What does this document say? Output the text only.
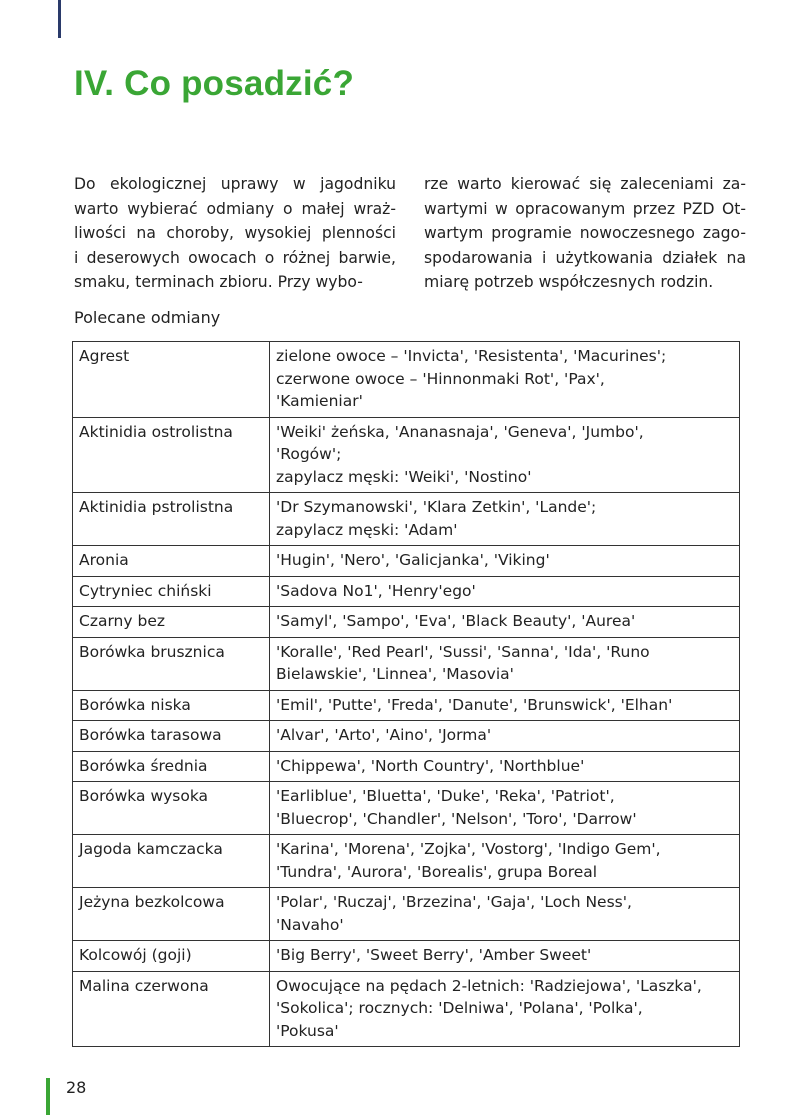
IV. Co posadzić?
Do ekologicznej uprawy w jagodniku
warto wybierać odmiany o małej wraż-
liwości na choroby, wysokiej plenności
i deserowych owocach o różnej barwie,
smaku, terminach zbioru. Przy wybo-
rze warto kierować się zaleceniami za-
wartymi w opracowanym przez PZD Ot-
wartym programie nowoczesnego zago-
spodarowania i użytkowania działek na
miarę potrzeb współczesnych rodzin.
Polecane odmiany
Agrest	zielone owoce – 'Invicta', 'Resistenta', 'Macurines';
czerwone owoce – 'Hinnonmaki Rot', 'Pax',
'Kamieniar'

Aktinidia ostrolistna	'Weiki' żeńska, 'Ananasnaja', 'Geneva', 'Jumbo',
'Rogów';
zapylacz męski: 'Weiki', 'Nostino'

Aktinidia pstrolistna	'Dr Szymanowski', 'Klara Zetkin', 'Lande';
zapylacz męski: 'Adam'

Aronia	'Hugin', 'Nero', 'Galicjanka', 'Viking'

Cytryniec chiński	'Sadova No1', 'Henry'ego'

Czarny bez	'Samyl', 'Sampo', 'Eva', 'Black Beauty', 'Aurea'

Borówka brusznica	'Koralle', 'Red Pearl', 'Sussi', 'Sanna', 'Ida', 'Runo
Bielawskie', 'Linnea', 'Masovia'

Borówka niska	'Emil', 'Putte', 'Freda', 'Danute', 'Brunswick', 'Elhan'

Borówka tarasowa	'Alvar', 'Arto', 'Aino', 'Jorma'

Borówka średnia	'Chippewa', 'North Country', 'Northblue'

Borówka wysoka	'Earliblue', 'Bluetta', 'Duke', 'Reka', 'Patriot',
'Bluecrop', 'Chandler', 'Nelson', 'Toro', 'Darrow'

Jagoda kamczacka	'Karina', 'Morena', 'Zojka', 'Vostorg', 'Indigo Gem',
'Tundra', 'Aurora', 'Borealis', grupa Boreal

Jeżyna bezkolcowa	'Polar', 'Ruczaj', 'Brzezina', 'Gaja', 'Loch Ness',
'Navaho'

Kolcowój (goji)	'Big Berry', 'Sweet Berry', 'Amber Sweet'

Malina czerwona	Owocujące na pędach 2-letnich: 'Radziejowa', 'Laszka',
'Sokolica'; rocznych: 'Delniwa', 'Polana', 'Polka',
'Pokusa'
28
